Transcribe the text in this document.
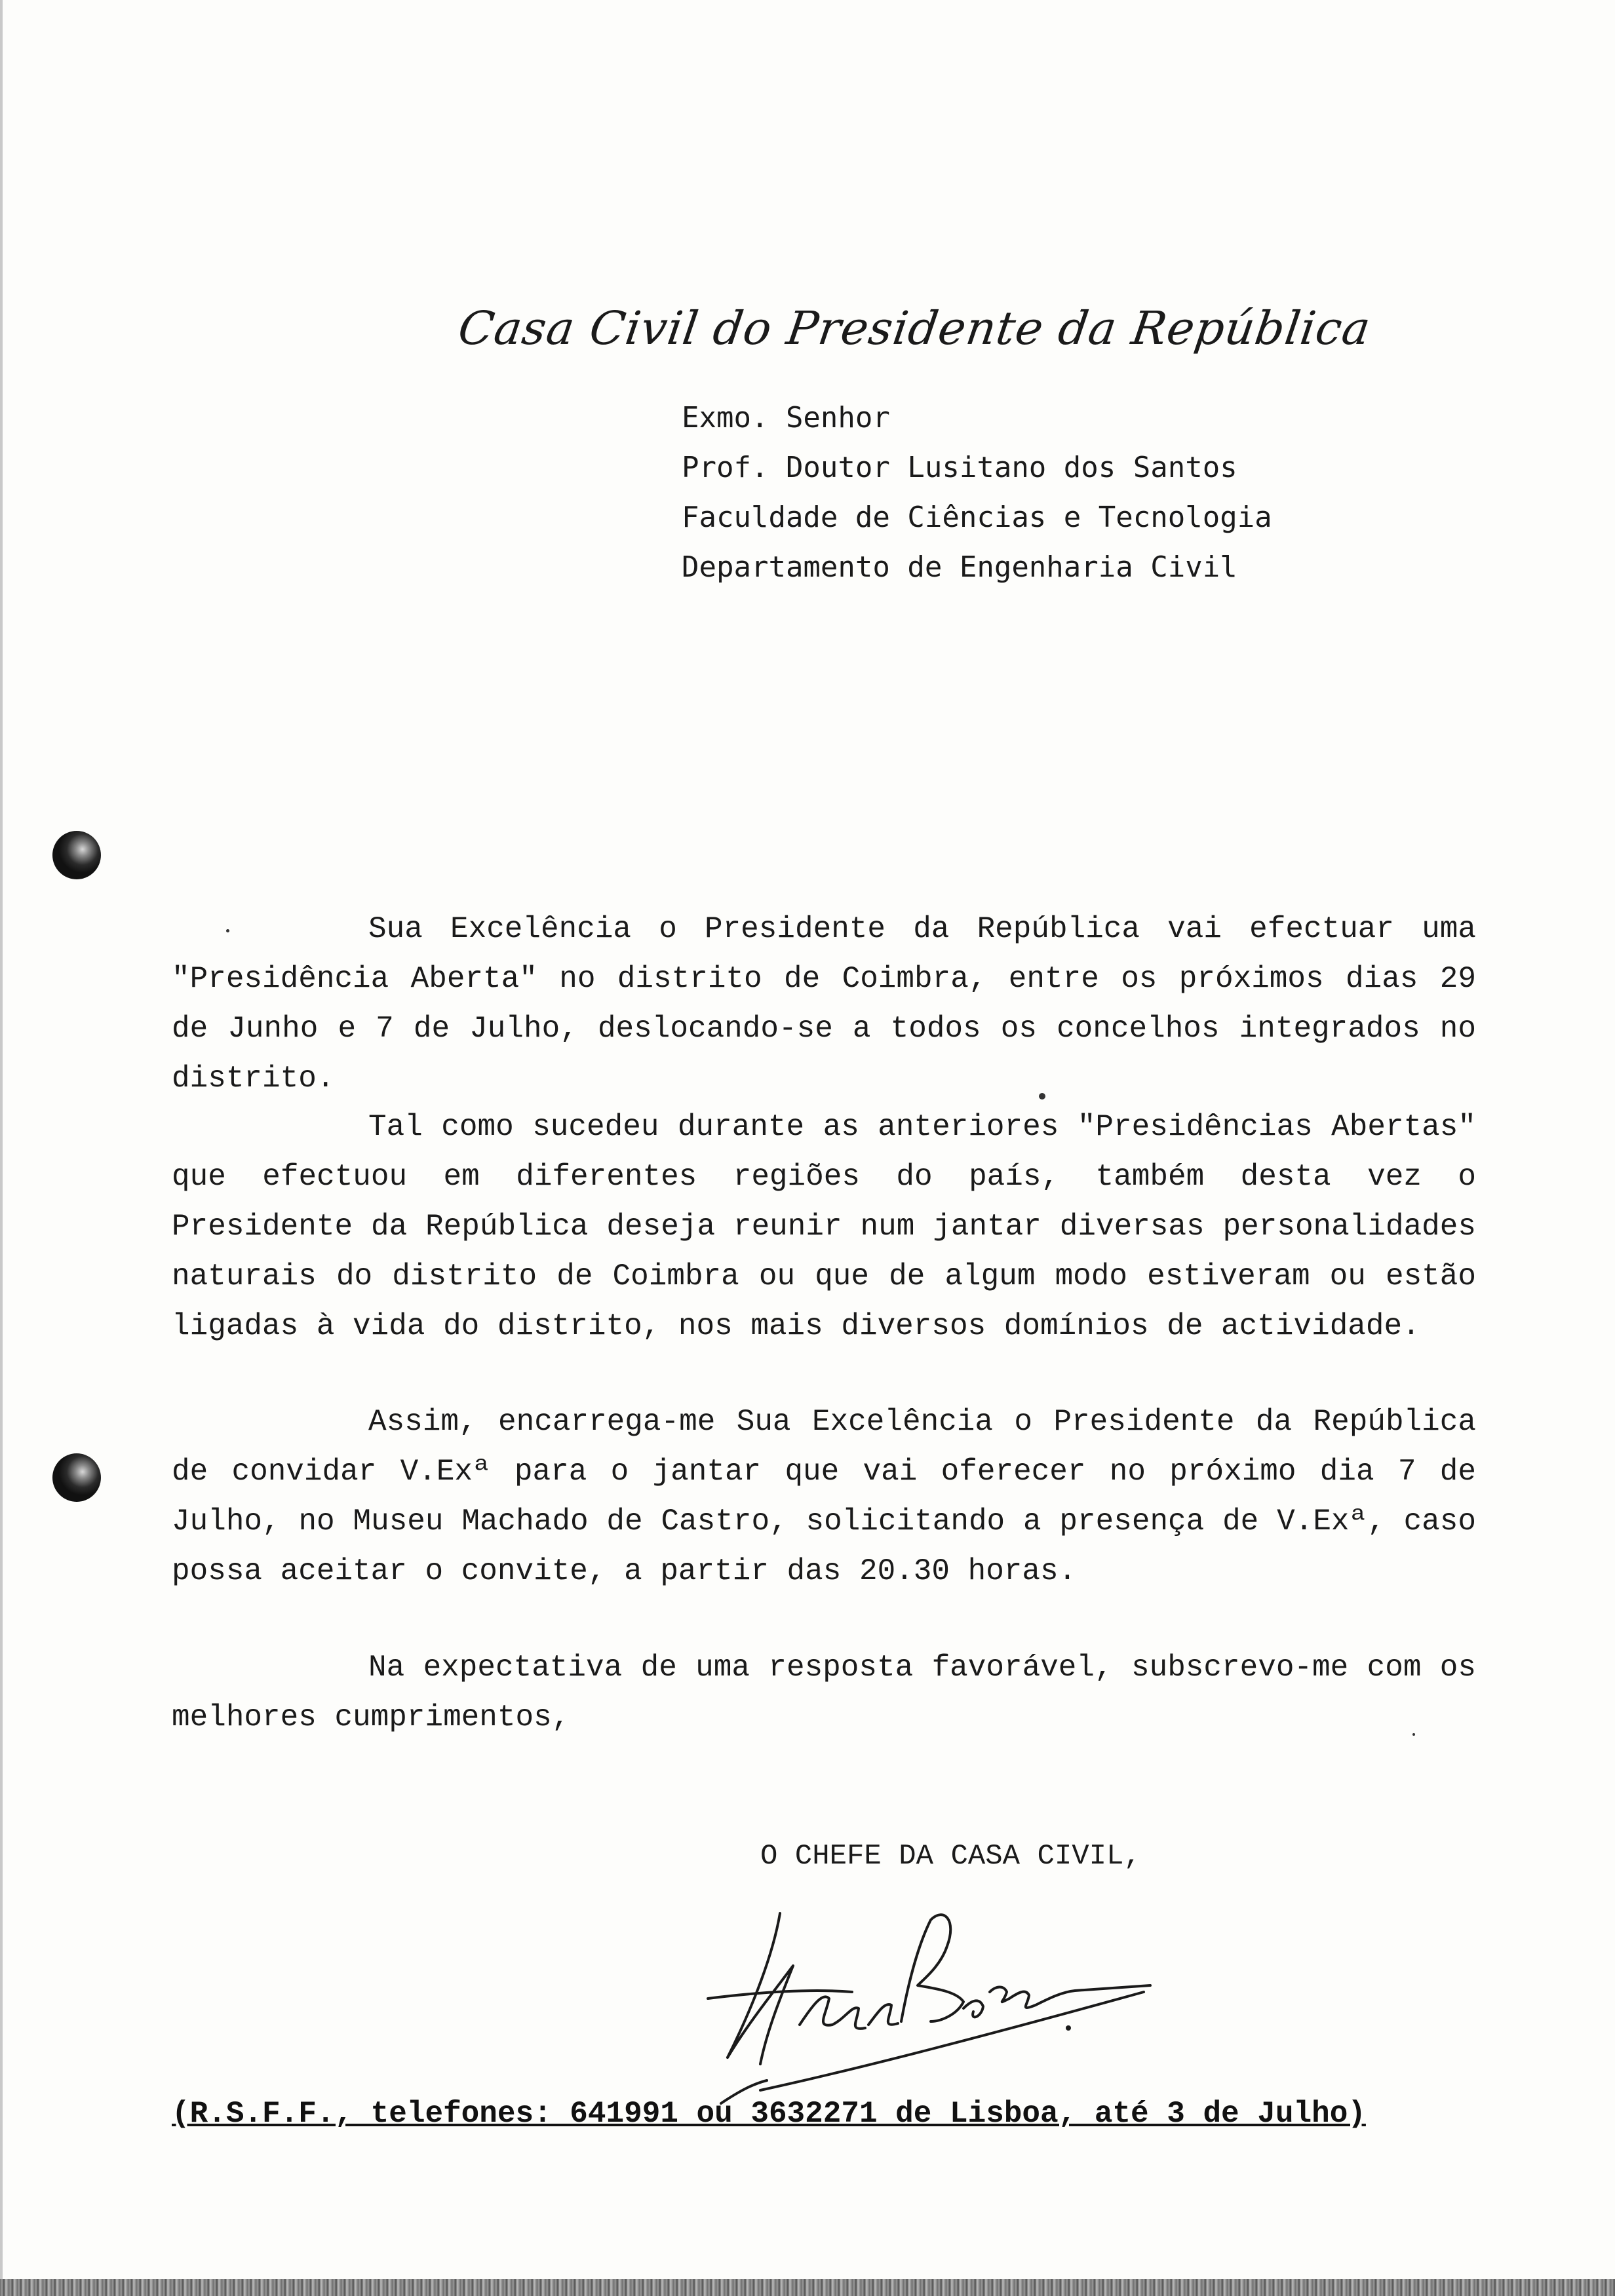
Casa Civil do Presidente da República
Exmo. Senhor
Prof. Doutor Lusitano dos Santos
Faculdade de Ciências e Tecnologia
Departamento de Engenharia Civil
Sua Excelência o Presidente da República vai efectuar uma "Presidência Aberta" no distrito de Coimbra, entre os próximos dias 29 de Junho e 7 de Julho, deslocando-se a todos os concelhos integrados no distrito.
Tal como sucedeu durante as anteriores "Presidências Abertas" que efectuou em diferentes regiões do país, também desta vez o Presidente da República deseja reunir num jantar diversas personalidades naturais do distrito de Coimbra ou que de algum modo estiveram ou estão ligadas à vida do distrito, nos mais diversos domínios de actividade.
Assim, encarrega-me Sua Excelência o Presidente da República de convidar V.Exª para o jantar que vai oferecer no próximo dia 7 de Julho, no Museu Machado de Castro, solicitando a presença de V.Exª, caso possa aceitar o convite, a partir das 20.30 horas.
Na expectativa de uma resposta favorável, subscrevo-me com os melhores cumprimentos,
O CHEFE DA CASA CIVIL,
(R.S.F.F., telefones: 641991 ou 3632271 de Lisboa, até 3 de Julho)
